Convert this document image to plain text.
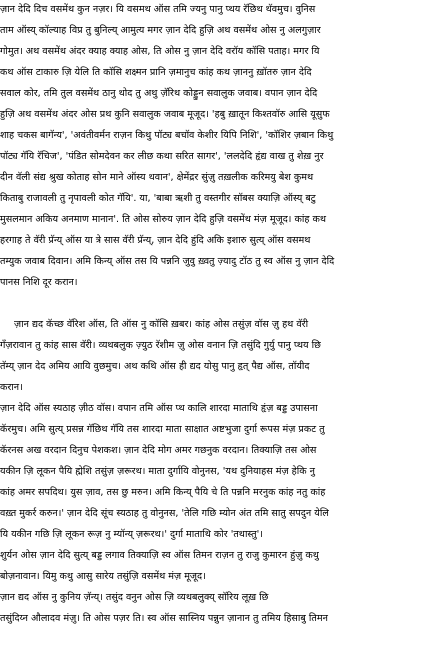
ज़ान देदि दिच वसमेंथ कुन नज़र। यि वसमथ ऑस तमि ज्यनु पानु प्थय रॅछिथ थॅवमुच। वुनिस
ताम ऑस्य् कॉल्याह विप्र तु बुनिल्य् आमुत्य मगर ज़ान देदि हुज़ि अथ वसमेंथ ओस नु अलगुज़ार
गोमुत। अथ वसमेंथ अंदर क्याह क्याह ओस, ति ओस नु ज़ान देदि वरॉय कॉसि पताह। मगर यि
कथ ऑस टाकारु ज़ि येलि ति कॉसि शक्ष्मन प्रानि ज़मानुच कांह कथ ज़ाननु ख़ॉतरु ज़ान देदि
सवाल कोर, तमि तुल वसमेंथ ठानु थोद तु अथु ज़ॅरिथ कोड्डुन सवालुक जवाब। वपान ज़ान देदि
हुज़ि अथ वसमेंथ अंदर ओस प्रथ कुनि सवालुक जवाब मूजूद। 'हबु ख़ातून किश्तवॉरु आसि यूसुफ
शाह चकस बागॅन्य', 'अवंतीवर्मन राज़न किथु पॉट्य बचॉव केशीर यिपि निशि', 'कॉशिर ज़बान किथु
पॉट्य गॅयि रॅचिज', 'पंडित सोमदेवन कर लीछ कथा सरित सागर', 'ललदेदि हृंद्य वाख तु शेख़ नुर
दीन वॅली संद्य श्रुख कोताह सोन माने ऑस्य थवान', क्षेमेंद्रर सुंज़ु तख़लीक करिमयु बेश कुमथ
किताबु राजावली तु नृपावली कोत गॅयि'. या, 'बाबा ऋशी तु वस्तगीर सॉबस क्याज़ि ऑस्य् बटु
मुसलमान अकिय अनमाण मानान'. ति ओस सोरुय ज़ान देदि हुज़ि वसमेंथ मंज़ मूजूद। कांह कथ
हरगाह ते वॅरी प्रॅन्य् ऑस या त्रे सास वॅरी प्रॅन्य्, ज़ान देदि हुंदि अकि इशारु सुत्य् ऑस वसमथ
तम्युक जवाब दिवान। अमि किन्य् ऑस तस यि पन्ननि जुवु ख़्वतु ज़्यादु टॉठ तु स्व ऑस नु ज़ान देदि
पानस निशि दूर करान।
ज़ान द्यद कॅच्छ वॅरिश ऑस, ति ऑस नु कॉसि ख़बर। कांह ओस तसुंज़ वॉस ज़ु हथ वॅरी
गॅंज़रावान तु कांह सास वॅरी। व्यथबलुक ज़्युठ रॅशीम ज़ु ओस वनान ज़ि तसुंदि गुर्यु पानु प्थय छि
तॅम्य् ज़ान देद अमिय आयि वुछमुच। अथ कथि ऑस ही द्यद योसु पानु हृत् पैद्य ऑस, तॉयीद
करान।
ज़ान देदि ऑस स्यठाह ज़ीठ वॉस। वपान तमि ऑस प्थ कालि शारदा माताथि हृंज़ बड्ड उपासना
कॅरमुच। अमि सुत्य् प्रसन्न गॅछिथ गॅयि तस शारदा माता साक्षात अष्टभुजा दुर्गा रूपस मंज़ प्रकट तु
कॅरनस अख वरदान दिनुच पेशकश। ज़ान देदि मोग अमर गछनुक वरदान। तिक्याज़ि तस ओस
यकीन ज़ि लूकन पैयि ह्मेशि तसुंज़ ज़रूरथ। माता दुर्गायि वोनुनस, 'यथ दुनियाहस मंज़ हेकि नु
कांह अमर सपदिथ। युस ज़ाव, तस छु मरुन। अमि किन्य् पैयि चे ति पन्ननि मरनुक कांह नतु कांह
वख़्त मुकर्र करुन।' ज़ान देदि सूंच स्यठाह तु वोनुनस, 'तेलि गछि म्योन अंत तमि सातु सपदुन येलि
यि यकीन गछि ज़ि लूकन रूज़ नु म्यॉन्य् ज़रूरथ।' दुर्गा माताथि कोर 'तथास्तु'।
शुर्यन ओस ज़ान देदि सुत्य् बड्ड लगाव तिक्याज़ि स्व ऑस तिमन राज़न तु राजु कुमारन हुंज़ु कथु
बोज़नावान। यिमु कथु आसु सारेय तसुंज़ि वसमेंथ मंज़ मूजूद।
ज़ान द्यद ऑस नु कुनिय ज़ॅन्य्। तसुंद वनुन ओस ज़ि व्यथबलुक्य् सॉरिय लूख़ छि
तसुंदिय्न औलादव मंज़ु। ति ओस पज़र ति। स्व ऑस सास्निय पन्नुन ज़ानान तु तमिय हिसाबु तिमन
